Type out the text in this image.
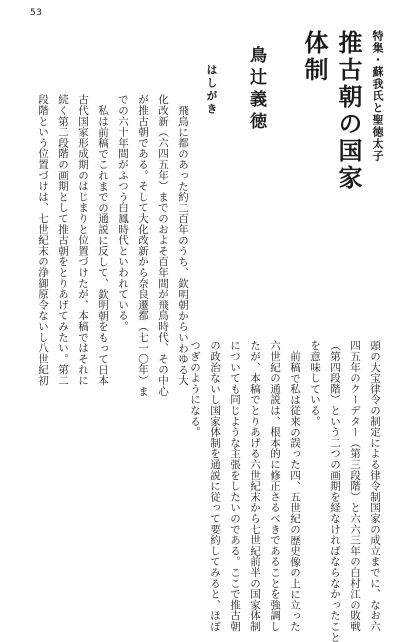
53
特集・蘇我氏と聖徳太子
推古朝の国家体制
鳥辻義徳
はしがき
飛鳥に都のあった約二百年のうち、欽明朝からいわゆる大
化改新（六四五年）までのおよそ百年間が飛鳥時代、その中心
が推古朝である。そして大化改新から奈良遷都（七一〇年）ま
での六十年間がふつう白鳳時代といわれている。
私は前稿でこれまでの通説に反して、欽明朝をもって日本
古代国家形成期のはじまりと位置づけたが、本稿ではそれに
続く第二段階の画期として推古朝をとりあげてみたい。第二
段階という位置づけは、七世紀末の浄御原令ないし八世紀初
頭の大宝律令の制定による律令制国家の成立までに、なお六
四五年のクーデター（第三段階）と六六三年の白村江の敗戦
（第四段階）という二つの画期を経なければならなかったこと
を意味している。
前稿で私は従来の誤った四、五世紀の歴史像の上に立った
六世紀の通説は、根本的に修正さるべきであることを強調し
たが、本稿でとりあげる六世紀末から七世紀前半の国家体制
についても同じような主張をしたいのである。ここで推古朝
の政治ないし国家体制を通説に従って要約してみると、ほぼ
つぎのようになる。
